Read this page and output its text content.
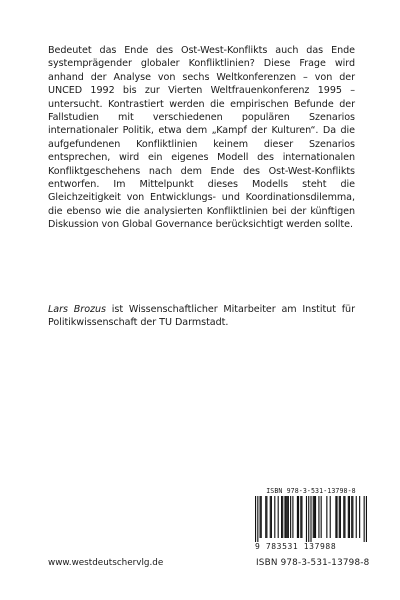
Bedeutet das Ende des Ost-West-Konflikts auch das Ende systemprägender globaler Konfliktlinien? Diese Frage wird anhand der Analyse von sechs Weltkonferenzen – von der UNCED 1992 bis zur Vierten Weltfrauenkonferenz 1995 – untersucht. Kontrastiert werden die empirischen Befunde der Fallstudien mit verschiedenen populären Szenarios internationaler Politik, etwa dem „Kampf der Kulturen“. Da die aufgefundenen Konfliktlinien keinem dieser Szenarios entsprechen, wird ein eigenes Modell des internationalen Konfliktgeschehens nach dem Ende des Ost-West-Konflikts entworfen. Im Mittelpunkt dieses Modells steht die Gleichzeitigkeit von Entwicklungs- und Koordinationsdilemma, die ebenso wie die analysierten Konfliktlinien bei der künftigen Diskussion von Global Governance berücksichtigt werden sollte.

Lars Brozus ist Wissenschaftlicher Mitarbeiter am Institut für Politikwissenschaft der TU Darmstadt.

ISBN 978-3-531-13798-8
9 783531 137988
www.westdeutschervlg.de	ISBN 978-3-531-13798-8
